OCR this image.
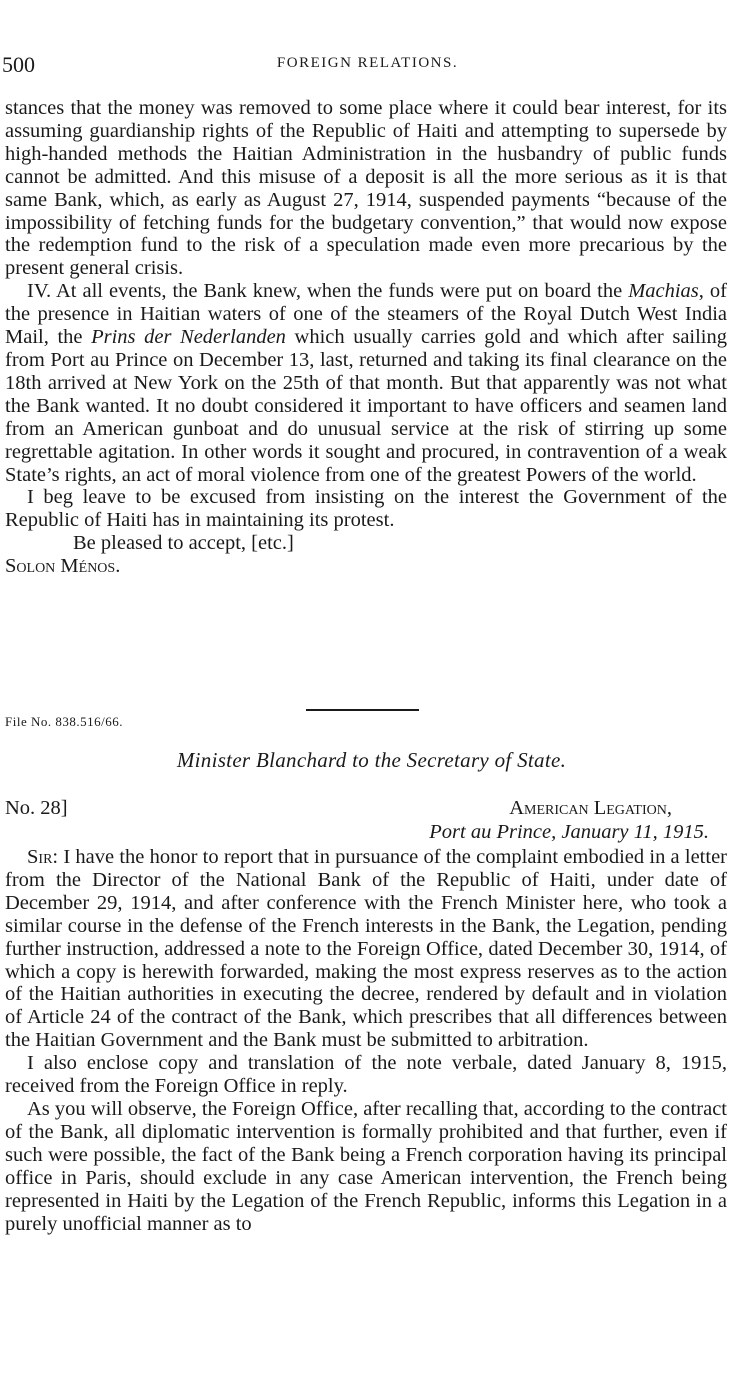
500	FOREIGN RELATIONS.

stances that the money was removed to some place where it could bear interest, for its assuming guardianship rights of the Republic of Haiti and attempting to supersede by high-handed methods the Haitian Administration in the husbandry of public funds cannot be admitted. And this misuse of a deposit is all the more serious as it is that same Bank, which, as early as August 27, 1914, suspended payments “because of the impossibility of fetching funds for the budgetary convention,” that would now expose the redemption fund to the risk of a speculation made even more precarious by the present general crisis.

IV. At all events, the Bank knew, when the funds were put on board the Machias, of the presence in Haitian waters of one of the steamers of the Royal Dutch West India Mail, the Prins der Nederlanden which usually carries gold and which after sailing from Port au Prince on December 13, last, returned and taking its final clearance on the 18th arrived at New York on the 25th of that month. But that apparently was not what the Bank wanted. It no doubt considered it important to have officers and seamen land from an American gunboat and do unusual service at the risk of stirring up some regrettable agitation. In other words it sought and procured, in contravention of a weak State’s rights, an act of moral violence from one of the greatest Powers of the world.

I beg leave to be excused from insisting on the interest the Government of the Republic of Haiti has in maintaining its protest.

Be pleased to accept, [etc.]

Solon Ménos.

File No. 838.516/66.
Minister Blanchard to the Secretary of State.
No. 28]	American Legation,
Port au Prince, January 11, 1915.

Sir: I have the honor to report that in pursuance of the complaint embodied in a letter from the Director of the National Bank of the Republic of Haiti, under date of December 29, 1914, and after conference with the French Minister here, who took a similar course in the defense of the French interests in the Bank, the Legation, pending further instruction, addressed a note to the Foreign Office, dated December 30, 1914, of which a copy is herewith forwarded, making the most express reserves as to the action of the Haitian authorities in executing the decree, rendered by default and in violation of Article 24 of the contract of the Bank, which prescribes that all differences between the Haitian Government and the Bank must be submitted to arbitration.

I also enclose copy and translation of the note verbale, dated January 8, 1915, received from the Foreign Office in reply.

As you will observe, the Foreign Office, after recalling that, according to the contract of the Bank, all diplomatic intervention is formally prohibited and that further, even if such were possible, the fact of the Bank being a French corporation having its principal office in Paris, should exclude in any case American intervention, the French being represented in Haiti by the Legation of the French Republic, informs this Legation in a purely unofficial manner as to
